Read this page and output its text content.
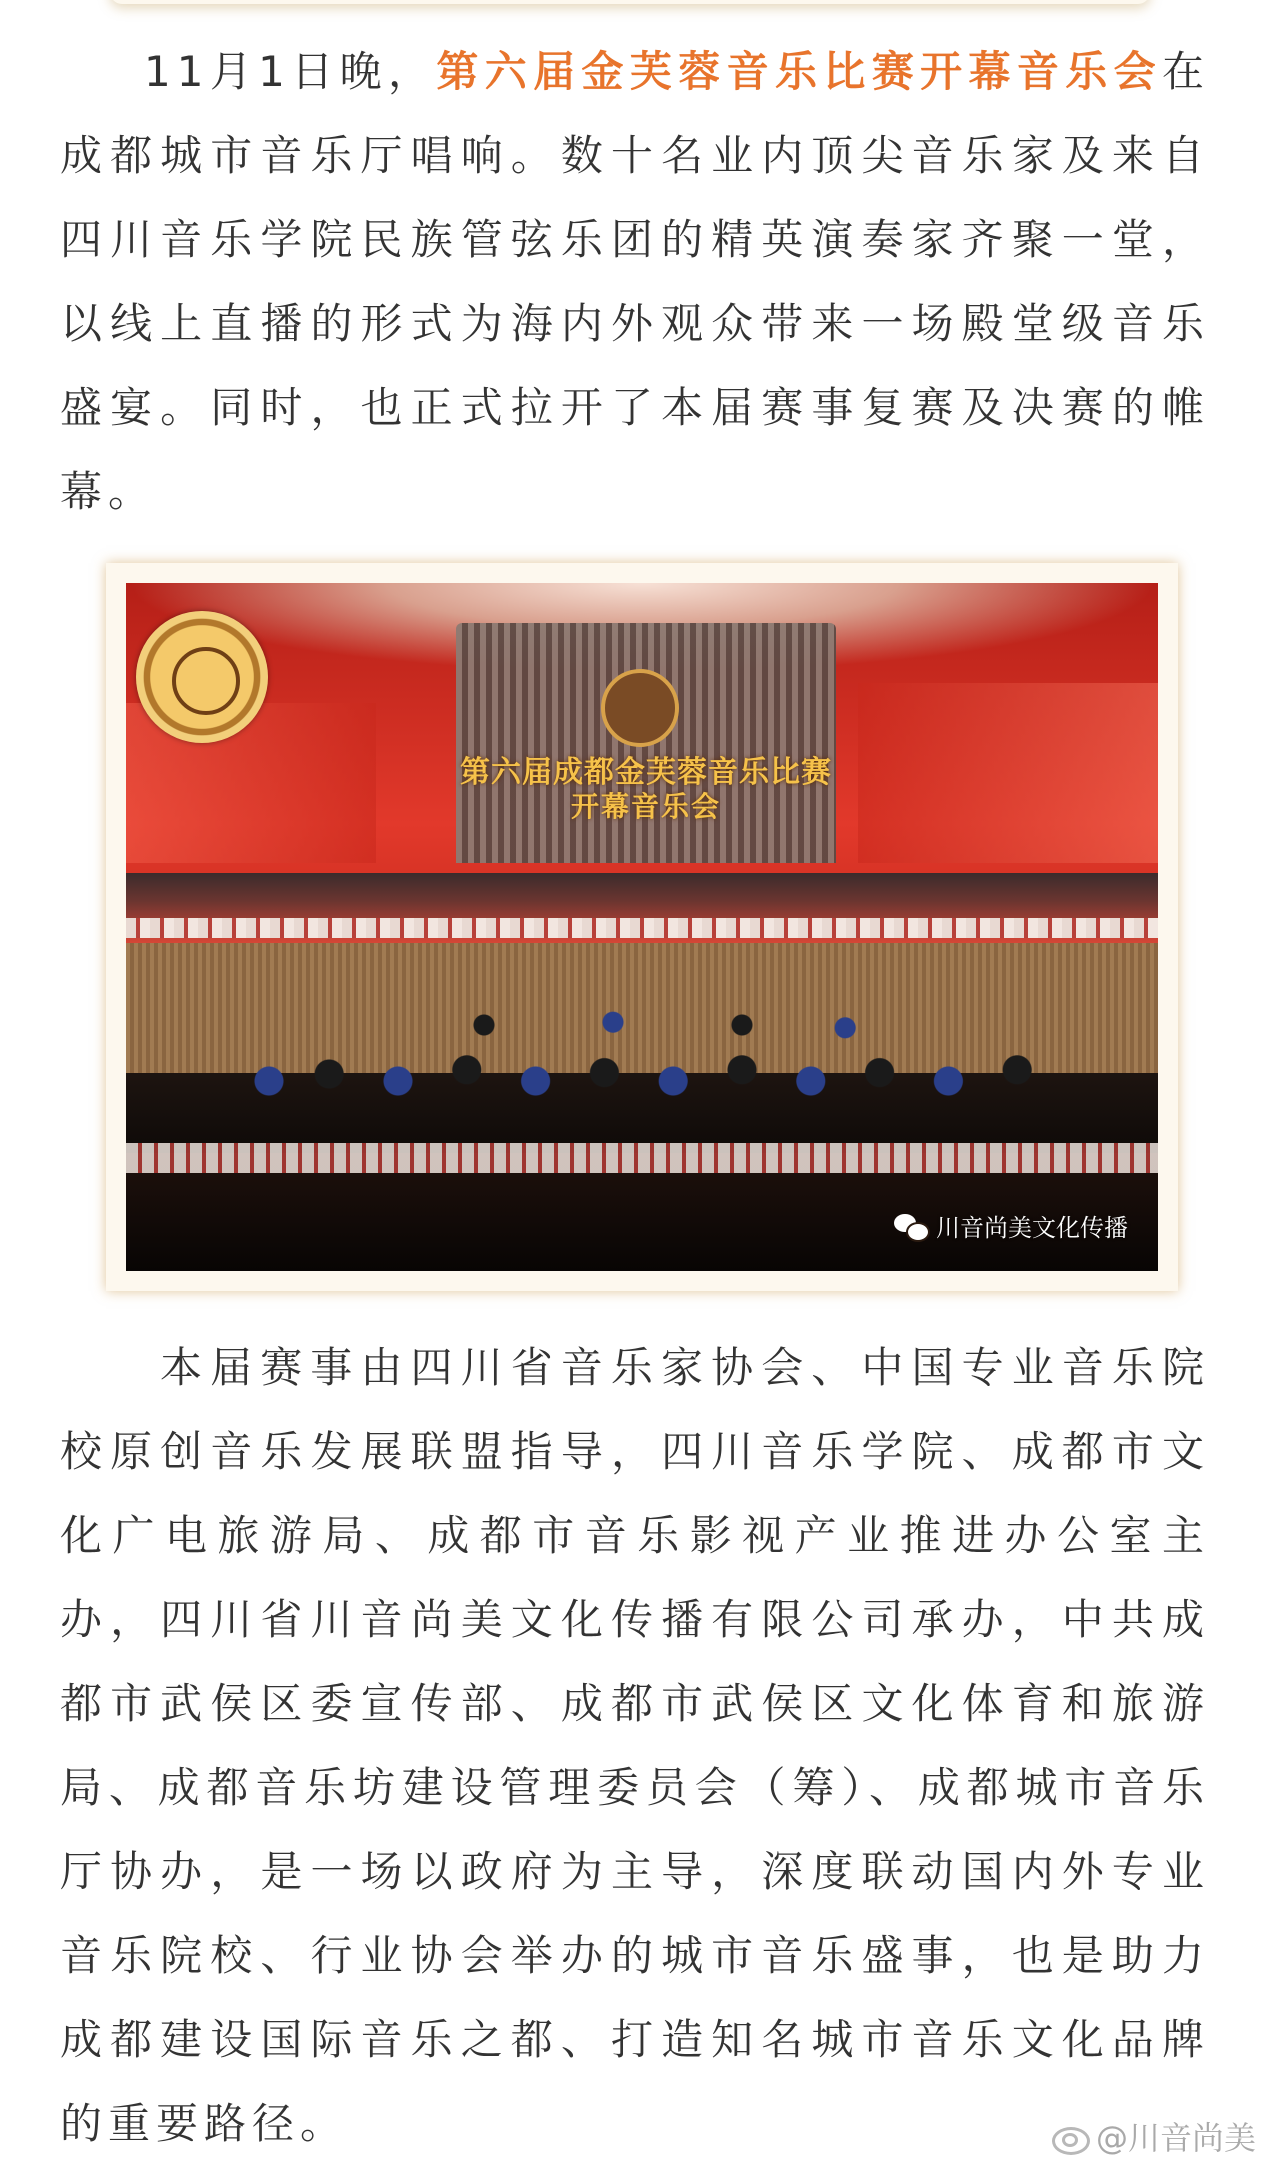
11月1日晚，第六届金芙蓉音乐比赛开幕音乐会在成都城市音乐厅唱响。数十名业内顶尖音乐家及来自四川音乐学院民族管弦乐团的精英演奏家齐聚一堂，以线上直播的形式为海内外观众带来一场殿堂级音乐盛宴。同时，也正式拉开了本届赛事复赛及决赛的帷幕。

第六届成都金芙蓉音乐比赛
开幕音乐会
川音尚美文化传播

本届赛事由四川省音乐家协会、中国专业音乐院校原创音乐发展联盟指导，四川音乐学院、成都市文化广电旅游局、成都市音乐影视产业推进办公室主办，四川省川音尚美文化传播有限公司承办，中共成都市武侯区委宣传部、成都市武侯区文化体育和旅游局、成都音乐坊建设管理委员会（筹）、成都城市音乐厅协办，是一场以政府为主导，深度联动国内外专业音乐院校、行业协会举办的城市音乐盛事，也是助力成都建设国际音乐之都、打造知名城市音乐文化品牌的重要路径。	@川音尚美
